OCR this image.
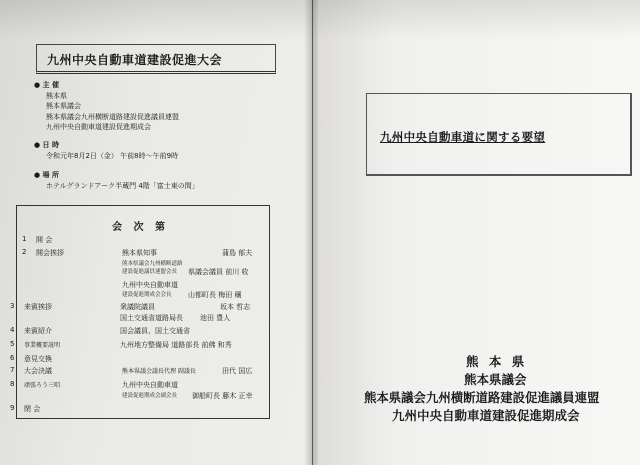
九州中央自動車道建設促進大会
● 主 催
熊本県
熊本県議会
熊本県議会九州横断道路建設促進議員連盟
九州中央自動車道建設促進期成会
● 日 時
令和元年8月2日（金） 午前8時〜午前9時
● 場 所
ホテルグランドアーク半蔵門 4階「富士東の間」
会 次 第
1 開 会
2 開会挨拶	熊本県知事	蒲島 郁夫
熊本県議会九州横断道路
建設促進議員連盟会長 県議会議員 前川 收
九州中央自動車道
建設促進期成会会長 山都町長 梅田 穰
3 来賓挨拶	衆議院議員	坂本 哲志
国土交通省道路局長 池田 豊人
4 来賓紹介	国会議員、国土交通省
5 事業概要説明	九州地方整備局 道路部長 前佛 和秀
6 意見交換
7 大会決議	熊本県議会議長代理 副議長	田代 国広
8 頑張ろう三唱	九州中央自動車道
建設促進期成会副会長 御船町長 藤木 正幸
9 閉 会
九州中央自動車道に関する要望
熊 本 県
熊本県議会
熊本県議会九州横断道路建設促進議員連盟
九州中央自動車道建設促進期成会
